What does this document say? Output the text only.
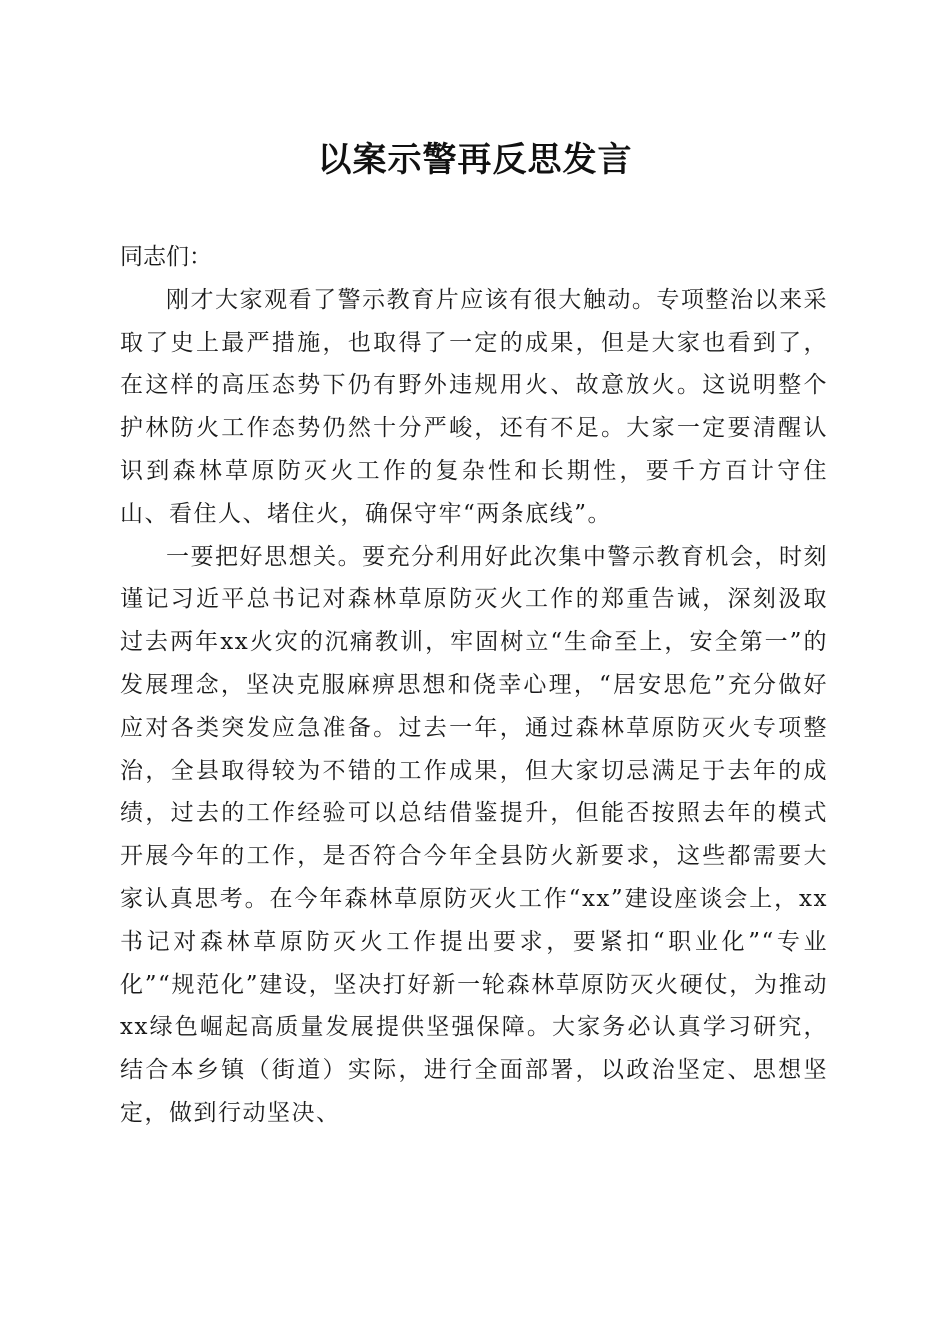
以案示警再反思发言

同志们：

刚才大家观看了警示教育片应该有很大触动。专项整治以来采取了史上最严措施，也取得了一定的成果，但是大家也看到了，在这样的高压态势下仍有野外违规用火、故意放火。这说明整个护林防火工作态势仍然十分严峻，还有不足。大家一定要清醒认识到森林草原防灭火工作的复杂性和长期性，要千方百计守住山、看住人、堵住火，确保守牢“两条底线”。

一要把好思想关。要充分利用好此次集中警示教育机会，时刻谨记习近平总书记对森林草原防灭火工作的郑重告诫，深刻汲取过去两年xx火灾的沉痛教训，牢固树立“生命至上，安全第一”的发展理念，坚决克服麻痹思想和侥幸心理，“居安思危”充分做好应对各类突发应急准备。过去一年，通过森林草原防灭火专项整治，全县取得较为不错的工作成果，但大家切忌满足于去年的成绩，过去的工作经验可以总结借鉴提升，但能否按照去年的模式开展今年的工作，是否符合今年全县防火新要求，这些都需要大家认真思考。在今年森林草原防灭火工作“xx”建设座谈会上，xx书记对森林草原防灭火工作提出要求，要紧扣“职业化”“专业化”“规范化”建设，坚决打好新一轮森林草原防灭火硬仗，为推动xx绿色崛起高质量发展提供坚强保障。大家务必认真学习研究，结合本乡镇（街道）实际，进行全面部署，以政治坚定、思想坚定，做到行动坚决、
